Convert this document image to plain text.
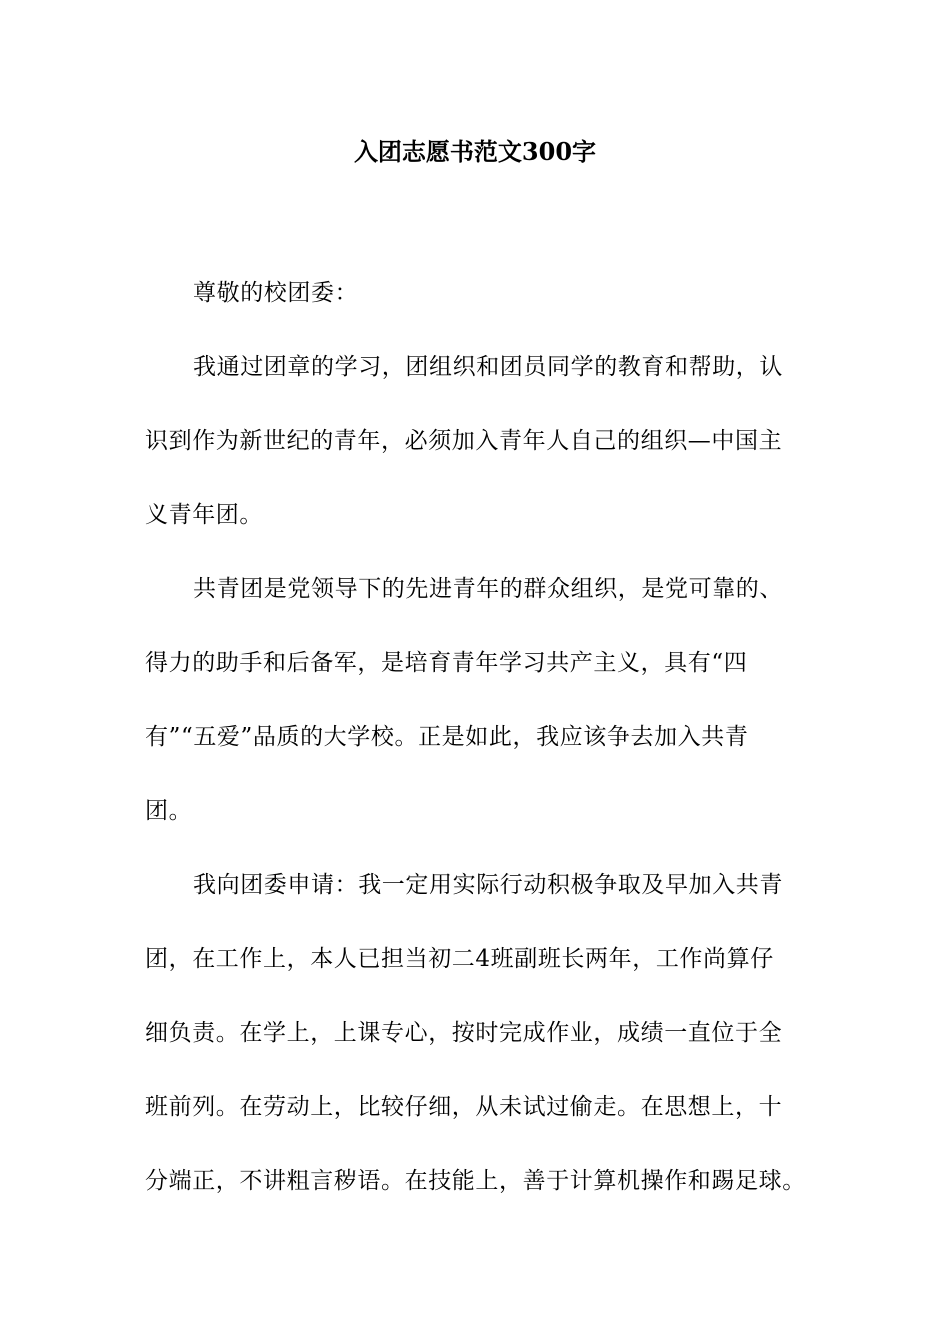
入团志愿书范文300字
尊敬的校团委：
我通过团章的学习，团组织和团员同学的教育和帮助，认
识到作为新世纪的青年，必须加入青年人自己的组织—中国主
义青年团。
共青团是党领导下的先进青年的群众组织，是党可靠的、
得力的助手和后备军，是培育青年学习共产主义，具有“四
有”“五爱”品质的大学校。正是如此，我应该争去加入共青
团。
我向团委申请：我一定用实际行动积极争取及早加入共青
团，在工作上，本人已担当初二4班副班长两年，工作尚算仔
细负责。在学上，上课专心，按时完成作业，成绩一直位于全
班前列。在劳动上，比较仔细，从未试过偷走。在思想上，十
分端正，不讲粗言秽语。在技能上，善于计算机操作和踢足球。
